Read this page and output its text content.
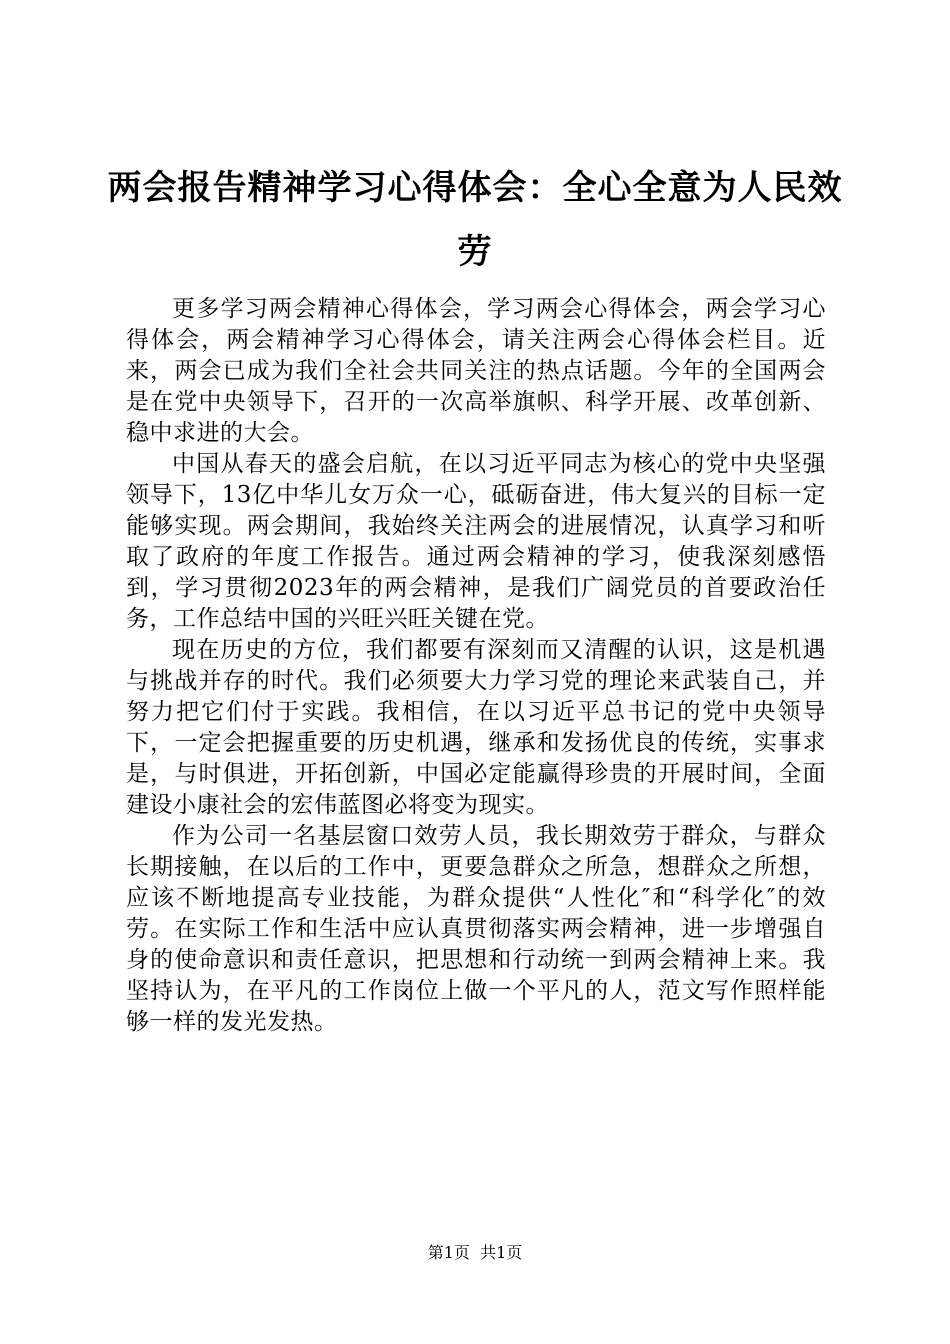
两会报告精神学习心得体会：全心全意为人民效劳

更多学习两会精神心得体会，学习两会心得体会，两会学习心得体会，两会精神学习心得体会，请关注两会心得体会栏目。近来，两会已成为我们全社会共同关注的热点话题。今年的全国两会是在党中央领导下，召开的一次高举旗帜、科学开展、改革创新、稳中求进的大会。

中国从春天的盛会启航，在以习近平同志为核心的党中央坚强领导下，13亿中华儿女万众一心，砥砺奋进，伟大复兴的目标一定能够实现。两会期间，我始终关注两会的进展情况，认真学习和听取了政府的年度工作报告。通过两会精神的学习，使我深刻感悟到，学习贯彻2023年的两会精神，是我们广阔党员的首要政治任务，工作总结中国的兴旺兴旺关键在党。

现在历史的方位，我们都要有深刻而又清醒的认识，这是机遇与挑战并存的时代。我们必须要大力学习党的理论来武装自己，并努力把它们付于实践。我相信，在以习近平总书记的党中央领导下，一定会把握重要的历史机遇，继承和发扬优良的传统，实事求是，与时俱进，开拓创新，中国必定能赢得珍贵的开展时间，全面建设小康社会的宏伟蓝图必将变为现实。

作为公司一名基层窗口效劳人员，我长期效劳于群众，与群众长期接触，在以后的工作中，更要急群众之所急，想群众之所想，应该不断地提高专业技能，为群众提供“人性化″和“科学化″的效劳。在实际工作和生活中应认真贯彻落实两会精神，进一步增强自身的使命意识和责任意识，把思想和行动统一到两会精神上来。我坚持认为，在平凡的工作岗位上做一个平凡的人，范文写作照样能够一样的发光发热。

第1页  共1页
